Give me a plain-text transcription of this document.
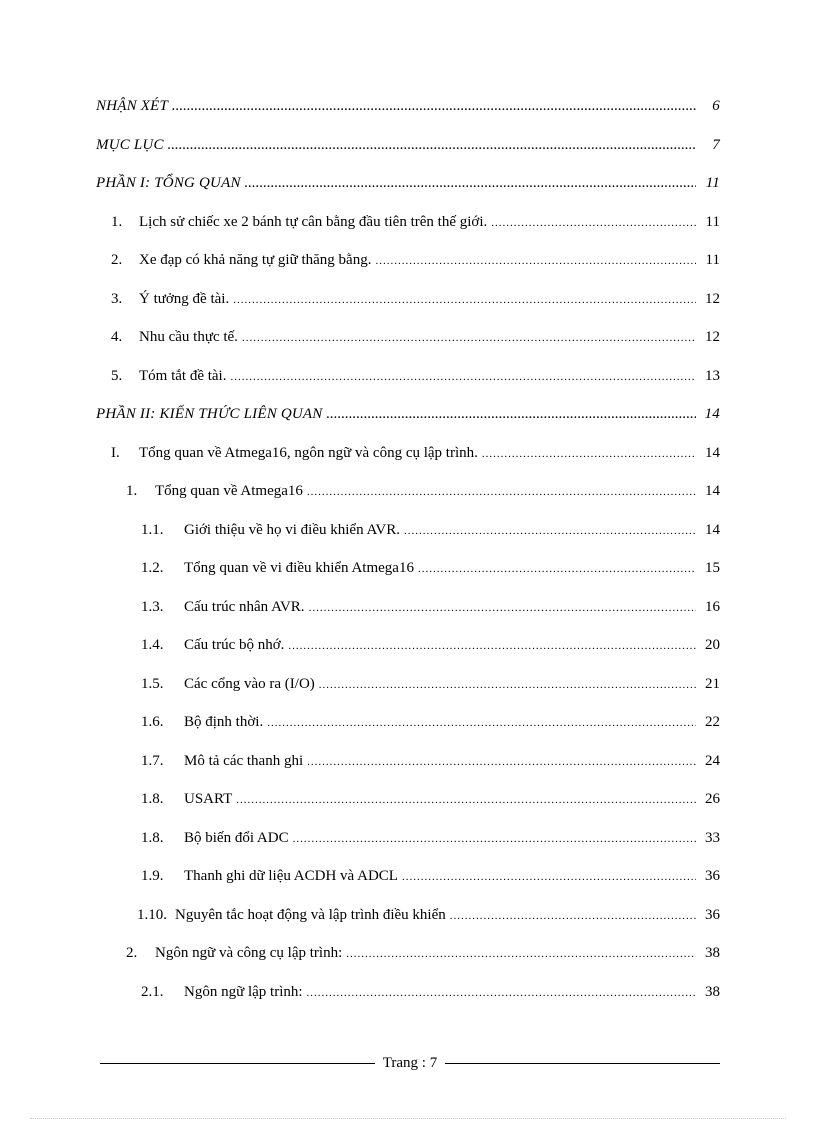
NHẬN XÉT .....	6
MỤC LỤC .....	7
PHẦN I: TỔNG QUAN .....	11
1.	Lịch sử chiếc xe 2 bánh tự cân bằng đầu tiên trên thế giới. .....	11
2.	Xe đạp có khả năng tự giữ thăng bằng. .....	11
3.	Ý tưởng đề tài. .....	12
4.	Nhu cầu thực tế. .....	12
5.	Tóm tắt đề tài. .....	13
PHẦN II: KIẾN THỨC LIÊN QUAN .....	14
I.	Tổng quan về Atmega16, ngôn ngữ và công cụ lập trình. .....	14
1.	Tổng quan về Atmega16 .....	14
1.1.	Giới thiệu về họ vi điều khiển AVR. .....	14
1.2.	Tổng quan về vi điều khiển Atmega16 .....	15
1.3.	Cấu trúc nhân AVR. .....	16
1.4.	Cấu trúc bộ nhớ. .....	20
1.5.	Các cổng vào ra (I/O) .....	21
1.6.	Bộ định thời. .....	22
1.7.	Mô tả các thanh ghi .....	24
1.8.	USART .....	26
1.8.	Bộ biến đổi ADC .....	33
1.9.	Thanh ghi dữ liệu ACDH và ADCL .....	36
1.10. Nguyên tắc hoạt động và lập trình điều khiển .....	36
2.	Ngôn ngữ và công cụ lập trình: .....	38
2.1.	Ngôn ngữ lập trình: .....	38
Trang : 7
